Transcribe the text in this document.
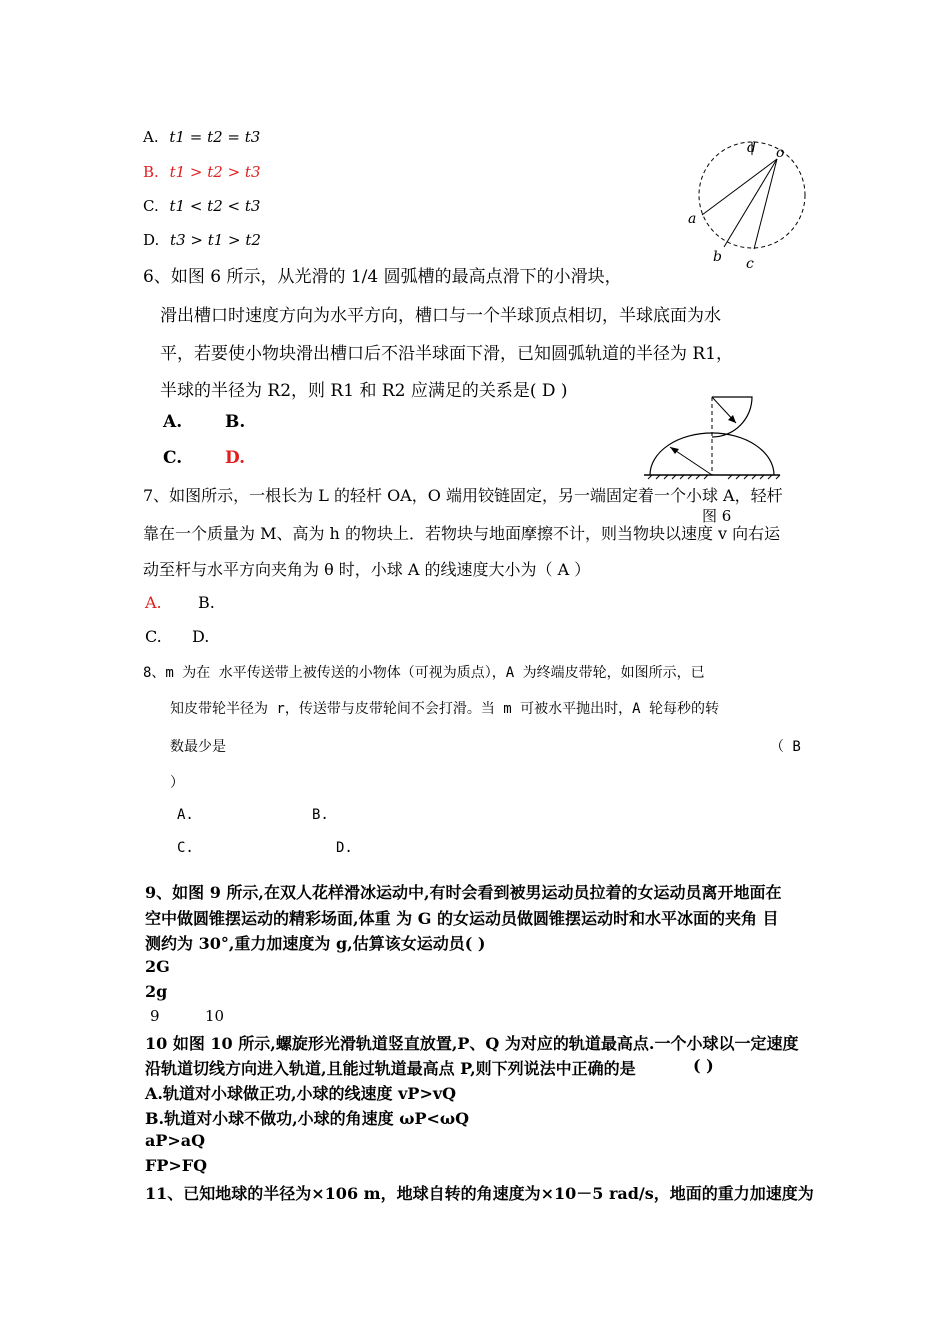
A. t1 = t2 = t3
B. t1 > t2 > t3
C. t1 < t2 < t3
D. t3 > t1 > t2
d o
a
b c
6、如图 6 所示，从光滑的 1/4 圆弧槽的最高点滑下的小滑块，
滑出槽口时速度方向为水平方向，槽口与一个半球顶点相切，半球底面为水
平，若要使小物块滑出槽口后不沿半球面下滑，已知圆弧轨道的半径为 R1，
半球的半径为 R2，则 R1 和 R2 应满足的关系是( D )
A.	B.
C.	D.
7、如图所示，一根长为 L 的轻杆 OA，O 端用铰链固定，另一端固定着一个小球 A，轻杆
图 6
靠在一个质量为 M、高为 h 的物块上．若物块与地面摩擦不计，则当物块以速度 v 向右运
动至杆与水平方向夹角为 θ 时，小球 A 的线速度大小为（ A ）
A. B.
C. D.
8、m 为在 水平传送带上被传送的小物体（可视为质点），A 为终端皮带轮，如图所示，已
知皮带轮半径为 r，传送带与皮带轮间不会打滑。当 m 可被水平抛出时，A 轮每秒的转
数最少是	（ B
）
A.	B.
C.	D.
9、如图 9 所示,在双人花样滑冰运动中,有时会看到被男运动员拉着的女运动员离开地面在
空中做圆锥摆运动的精彩场面,体重 为 G 的女运动员做圆锥摆运动时和水平冰面的夹角 目
测约为 30°,重力加速度为 g,估算该女运动员( )
2G
2g
9	10
10 如图 10 所示,螺旋形光滑轨道竖直放置,P、Q 为对应的轨道最高点.一个小球以一定速度
沿轨道切线方向进入轨道,且能过轨道最高点 P,则下列说法中正确的是	( )
A.轨道对小球做正功,小球的线速度 vP>vQ
B.轨道对小球不做功,小球的角速度 ωP<ωQ
aP>aQ
FP>FQ
11、已知地球的半径为×106 m，地球自转的角速度为×10－5 rad/s，地面的重力加速度为
